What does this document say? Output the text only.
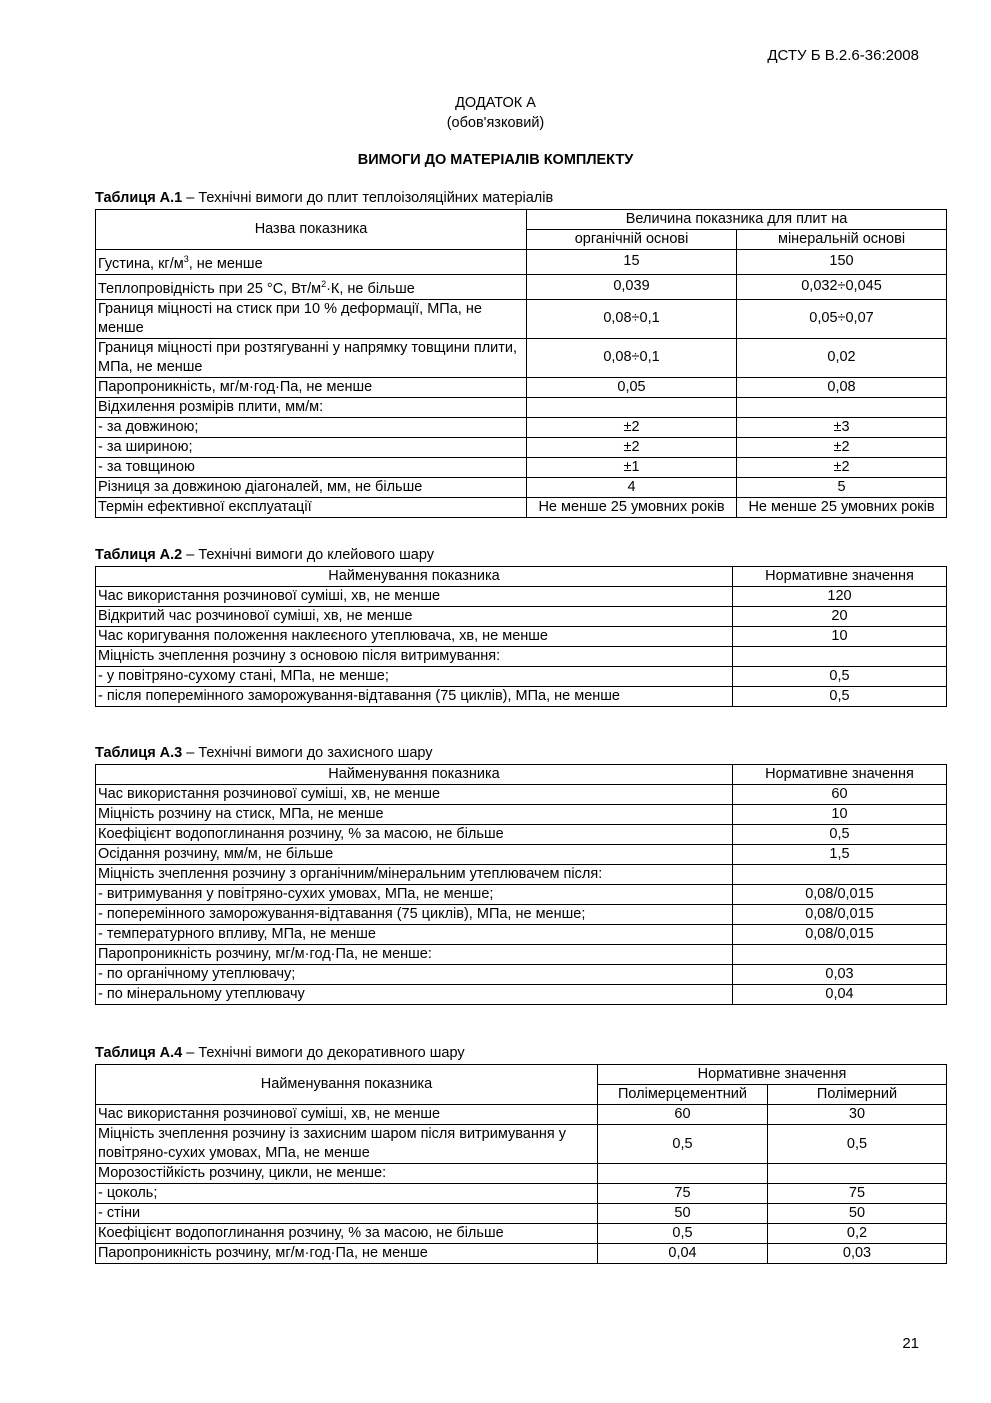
ДСТУ Б В.2.6-36:2008
ДОДАТОК А
(обов'язковий)
ВИМОГИ ДО МАТЕРІАЛІВ КОМПЛЕКТУ
Таблиця А.1 – Технічні вимоги до плит теплоізоляційних матеріалів
Назва показника	Величина показника для плит на	
	органічній основі	мінеральній основі
Густина, $кг/м^3$, не менше	15	150
Теплопровідність при 25 °С, $Вт/м^2\cdot К$, не більше	0,039	0,032÷0,045
Границя міцності на стиск при 10 % деформації, МПа, не менше	0,08÷0,1	0,05÷0,07
Границя міцності при розтягуванні у напрямку товщини плити, МПа, не менше	0,08÷0,1	0,02
Паропроникність, мг/м·год·Па, не менше	0,05	0,08
Відхилення розмірів плити, мм/м:		
- за довжиною;	±2	±3
- за шириною;	±2	±2
- за товщиною	±1	±2
Різниця за довжиною діагоналей, мм, не більше	4	5
Термін ефективної експлуатації	Не менше 25 умовних років	Не менше 25 умовних років
Таблиця А.2 – Технічні вимоги до клейового шару
Найменування показника	Нормативне значення
Час використання розчинової суміші, хв, не менше	120
Відкритий час розчинової суміші, хв, не менше	20
Час коригування положення наклеєного утеплювача, хв, не менше	10
Міцність зчеплення розчину з основою після витримування:	
- у повітряно-сухому стані, МПа, не менше;	0,5
- після поперемінного заморожування-відтавання (75 циклів), МПа, не менше	0,5
Таблиця А.3 – Технічні вимоги до захисного шару
Найменування показника	Нормативне значення
Час використання розчинової суміші, хв, не менше	60
Міцність розчину на стиск, МПа, не менше	10
Коефіцієнт водопоглинання розчину, % за масою, не більше	0,5
Осідання розчину, мм/м, не більше	1,5
Міцність зчеплення розчину з органічним/мінеральним утеплювачем після:	
- витримування у повітряно-сухих умовах, МПа, не менше;	0,08/0,015
- поперемінного заморожування-відтавання (75 циклів), МПа, не менше;	0,08/0,015
- температурного впливу, МПа, не менше	0,08/0,015
Паропроникність розчину, мг/м·год·Па, не менше:	
- по органічному утеплювачу;	0,03
- по мінеральному утеплювачу	0,04
Таблиця А.4 – Технічні вимоги до декоративного шару
Найменування показника	Нормативне значення	
	Полімерцементний	Полімерний
Час використання розчинової суміші, хв, не менше	60	30
Міцність зчеплення розчину із захисним шаром після витримування у повітряно-сухих умовах, МПа, не менше	0,5	0,5
Морозостійкість розчину, цикли, не менше:		
- цоколь;	75	75
- стіни	50	50
Коефіцієнт водопоглинання розчину, % за масою, не більше	0,5	0,2
Паропроникність розчину, мг/м·год·Па, не менше	0,04	0,03
21
